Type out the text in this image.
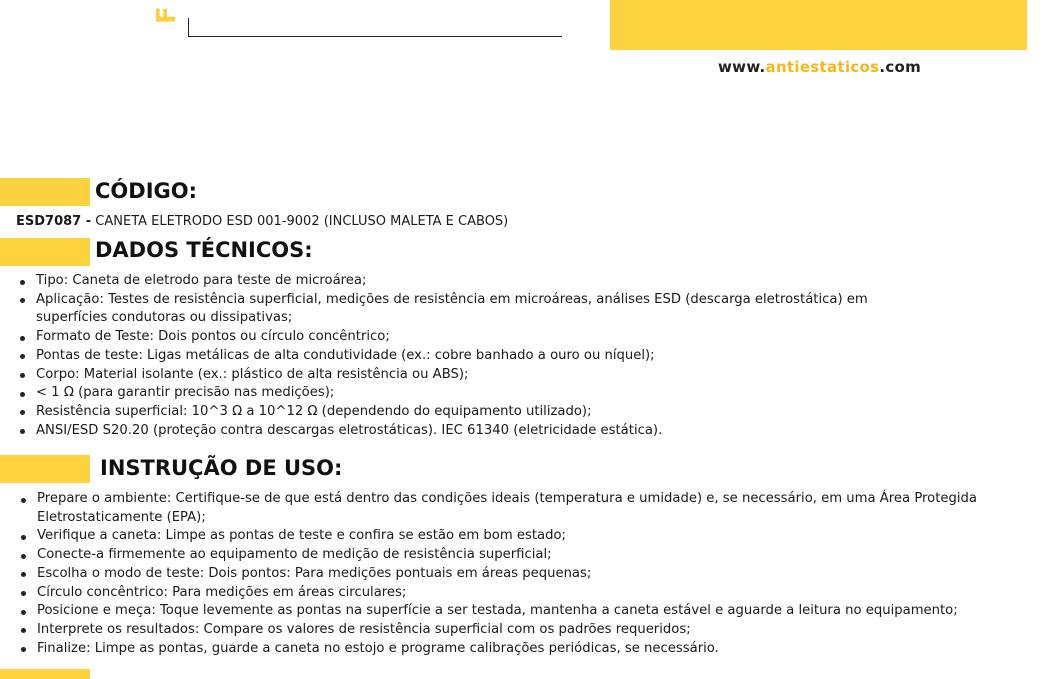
F
www.antiestaticos.com
CÓDIGO:
ESD7087 - CANETA ELETRODO ESD 001-9002 (INCLUSO MALETA E CABOS)
DADOS TÉCNICOS:
Tipo: Caneta de eletrodo para teste de microárea;
Aplicação: Testes de resistência superficial, medições de resistência em microáreas, análises ESD (descarga eletrostática) em superfícies condutoras ou dissipativas;
Formato de Teste: Dois pontos ou círculo concêntrico;
Pontas de teste: Ligas metálicas de alta condutividade (ex.: cobre banhado a ouro ou níquel);
Corpo: Material isolante (ex.: plástico de alta resistência ou ABS);
< 1 Ω (para garantir precisão nas medições);
Resistência superficial: 10^3 Ω a 10^12 Ω (dependendo do equipamento utilizado);
ANSI/ESD S20.20 (proteção contra descargas eletrostáticas). IEC 61340 (eletricidade estática).
INSTRUÇÃO DE USO:
Prepare o ambiente: Certifique-se de que está dentro das condições ideais (temperatura e umidade) e, se necessário, em uma Área Protegida Eletrostaticamente (EPA);
Verifique a caneta: Limpe as pontas de teste e confira se estão em bom estado;
Conecte-a firmemente ao equipamento de medição de resistência superficial;
Escolha o modo de teste: Dois pontos: Para medições pontuais em áreas pequenas;
Círculo concêntrico: Para medições em áreas circulares;
Posicione e meça: Toque levemente as pontas na superfície a ser testada, mantenha a caneta estável e aguarde a leitura no equipamento;
Interprete os resultados: Compare os valores de resistência superficial com os padrões requeridos;
Finalize: Limpe as pontas, guarde a caneta no estojo e programe calibrações periódicas, se necessário.
